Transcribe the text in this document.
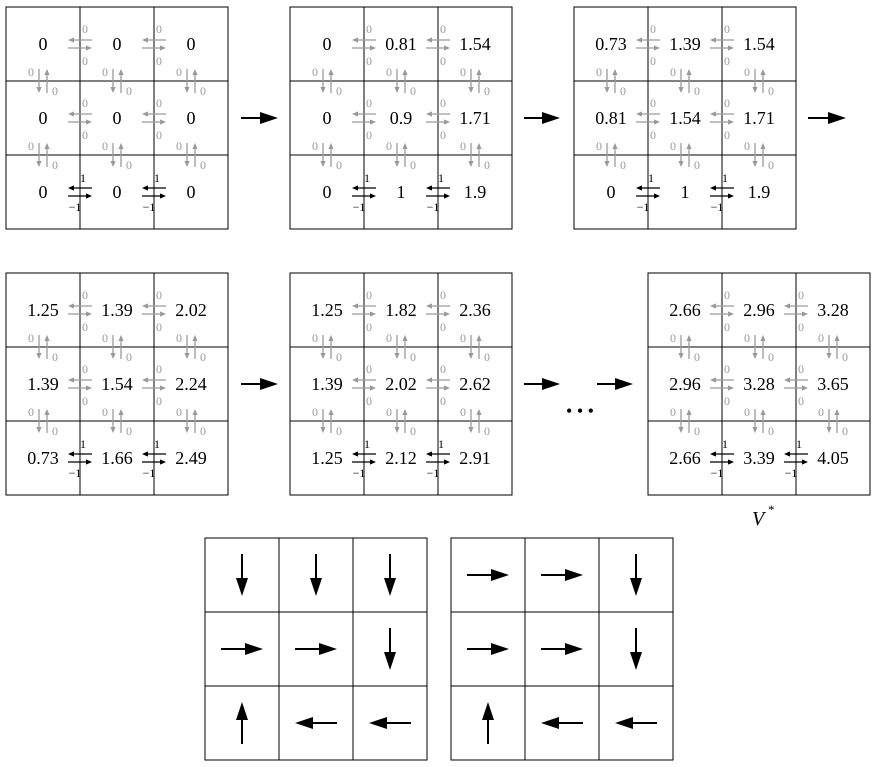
• • •
V *
0	0	0
0	0	0
0	0	0
0
0
0
0
0
0
0
0
1
−1
1
−1
0
0
0
0
0
0
0
0
0
0
0
0
0	0.81 1.54
0	0.9	1.71
0	1	1.9
0
0
0
0
0
0
0
0
1
−1
1
−1
0
0
0
0
0
0
0
0
0
0
0
0
0.73 1.39 1.54
0.81 1.54 1.71
0	1	1.9
0
0
0
0
0
0
0
0
1
−1
1
−1
0
0
0
0
0
0
0
0
0
0
0
0
1.25 1.39 2.02
1.39 1.54 2.24
0.73 1.66 2.49
0
0
0
0
0
0
0
0
1
−1
1
−1
0
0
0
0
0
0
0
0
0
0
0
0
1.25 1.82 2.36
1.39 2.02 2.62
1.25 2.12 2.91
0
0
0
0
0
0
0
0
1
−1
1
−1
0
0
0
0
0
0
0
0
0
0
0
0
2.66 2.96 3.28
2.96 3.28 3.65
2.66 3.39 4.05
0
0
0
0
0
0
0
0
1
−1
1
−1
0
0
0
0
0
0
0
0
0
0
0
0
